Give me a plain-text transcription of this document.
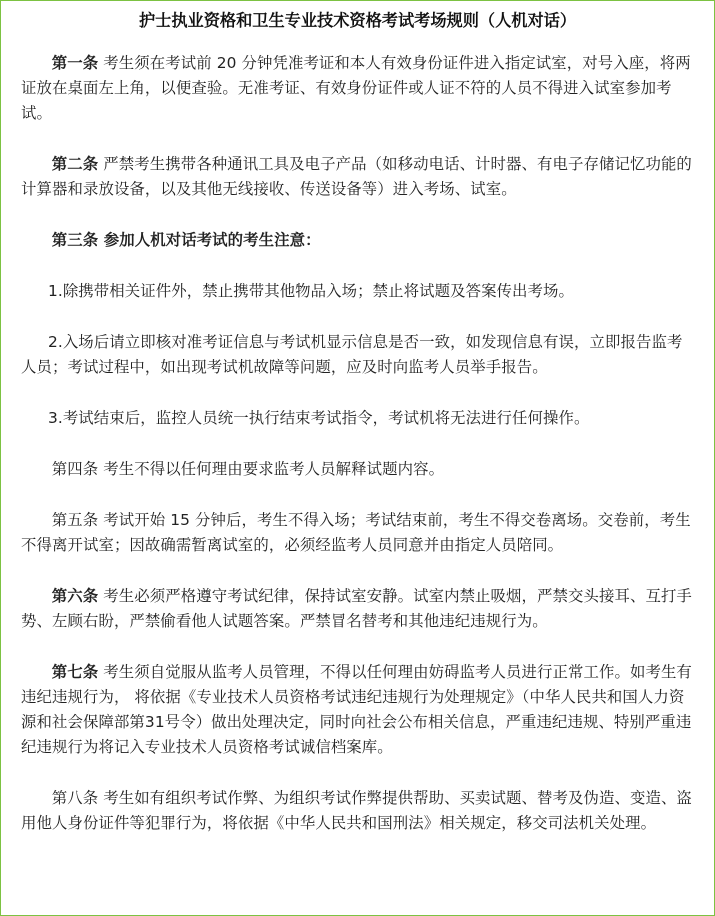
护士执业资格和卫生专业技术资格考试考场规则（人机对话）

第一条 考生须在考试前 20 分钟凭准考证和本人有效身份证件进入指定试室，对号入座，将两证放在桌面左上角，以便查验。无准考证、有效身份证件或人证不符的人员不得进入试室参加考试。

第二条 严禁考生携带各种通讯工具及电子产品（如移动电话、计时器、有电子存储记忆功能的计算器和录放设备，以及其他无线接收、传送设备等）进入考场、试室。

第三条 参加人机对话考试的考生注意：

1.除携带相关证件外，禁止携带其他物品入场；禁止将试题及答案传出考场。

2.入场后请立即核对准考证信息与考试机显示信息是否一致，如发现信息有误，立即报告监考人员；考试过程中，如出现考试机故障等问题，应及时向监考人员举手报告。

3.考试结束后，监控人员统一执行结束考试指令，考试机将无法进行任何操作。

第四条 考生不得以任何理由要求监考人员解释试题内容。

第五条 考试开始 15 分钟后，考生不得入场；考试结束前，考生不得交卷离场。交卷前，考生不得离开试室；因故确需暂离试室的，必须经监考人员同意并由指定人员陪同。

第六条 考生必须严格遵守考试纪律，保持试室安静。试室内禁止吸烟，严禁交头接耳、互打手势、左顾右盼，严禁偷看他人试题答案。严禁冒名替考和其他违纪违规行为。

第七条 考生须自觉服从监考人员管理，不得以任何理由妨碍监考人员进行正常工作。如考生有违纪违规行为， 将依据《专业技术人员资格考试违纪违规行为处理规定》（中华人民共和国人力资源和社会保障部第31号令）做出处理决定，同时向社会公布相关信息，严重违纪违规、特别严重违纪违规行为将记入专业技术人员资格考试诚信档案库。

第八条 考生如有组织考试作弊、为组织考试作弊提供帮助、买卖试题、替考及伪造、变造、盗用他人身份证件等犯罪行为，将依据《中华人民共和国刑法》相关规定，移交司法机关处理。
